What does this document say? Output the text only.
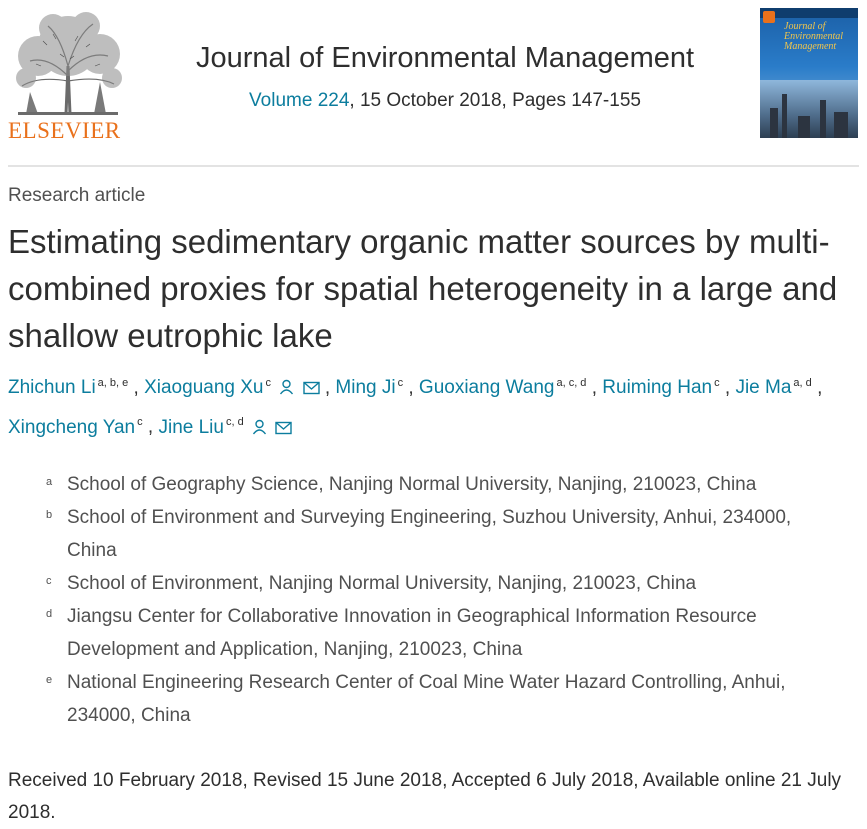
ELSEVIER
Journal of Environmental Management
Volume 224, 15 October 2018, Pages 147-155
Journal of Environmental Management
Research article
Estimating sedimentary organic matter sources by multi-combined proxies for spatial heterogeneity in a large and shallow eutrophic lake
Zhichun Li $^{a, b, e}$ , Xiaoguang Xu $^c$	, Ming Ji $^c$ , Guoxiang Wang $^{a, c, d}$ , Ruiming Han $^c$ , Jie Ma $^{a, d}$ , Xingcheng Yan $^c$ , Jine Liu $^{c, d}$
a School of Geography Science, Nanjing Normal University, Nanjing, 210023, China
b School of Environment and Surveying Engineering, Suzhou University, Anhui, 234000, China
c School of Environment, Nanjing Normal University, Nanjing, 210023, China
d Jiangsu Center for Collaborative Innovation in Geographical Information Resource Development and Application, Nanjing, 210023, China
e National Engineering Research Center of Coal Mine Water Hazard Controlling, Anhui, 234000, China
Received 10 February 2018, Revised 15 June 2018, Accepted 6 July 2018, Available online 21 July 2018.
